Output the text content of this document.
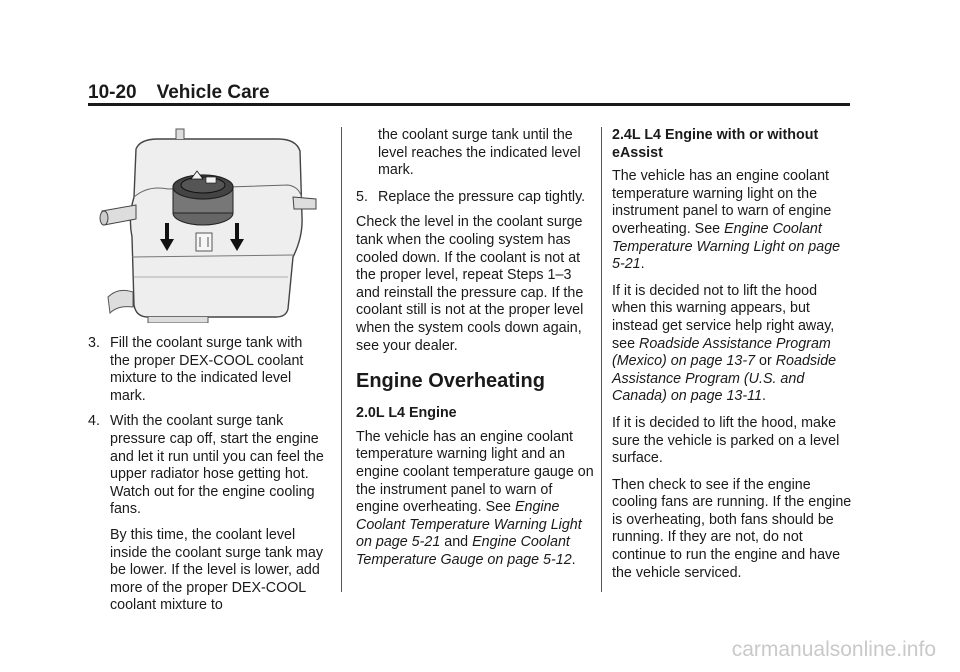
10-20 Vehicle Care
3. Fill the coolant surge tank with the proper DEX-COOL coolant mixture to the indicated level mark.
4. With the coolant surge tank pressure cap off, start the engine and let it run until you can feel the upper radiator hose getting hot. Watch out for the engine cooling fans.

By this time, the coolant level inside the coolant surge tank may be lower. If the level is lower, add more of the proper DEX-COOL coolant mixture to

the coolant surge tank until the level reaches the indicated level mark.

5. Replace the pressure cap tightly.

Check the level in the coolant surge tank when the cooling system has cooled down. If the coolant is not at the proper level, repeat Steps 1–3 and reinstall the pressure cap. If the coolant still is not at the proper level when the system cools down again, see your dealer.

Engine Overheating

2.0L L4 Engine

The vehicle has an engine coolant temperature warning light and an engine coolant temperature gauge on the instrument panel to warn of engine overheating. See Engine Coolant Temperature Warning Light on page 5-21 and Engine Coolant Temperature Gauge on page 5-12.

2.4L L4 Engine with or without eAssist

The vehicle has an engine coolant temperature warning light on the instrument panel to warn of engine overheating. See Engine Coolant Temperature Warning Light on page 5-21.

If it is decided not to lift the hood when this warning appears, but instead get service help right away, see Roadside Assistance Program (Mexico) on page 13-7 or Roadside Assistance Program (U.S. and Canada) on page 13-11.

If it is decided to lift the hood, make sure the vehicle is parked on a level surface.

Then check to see if the engine cooling fans are running. If the engine is overheating, both fans should be running. If they are not, do not continue to run the engine and have the vehicle serviced.

carmanualsonline.info
